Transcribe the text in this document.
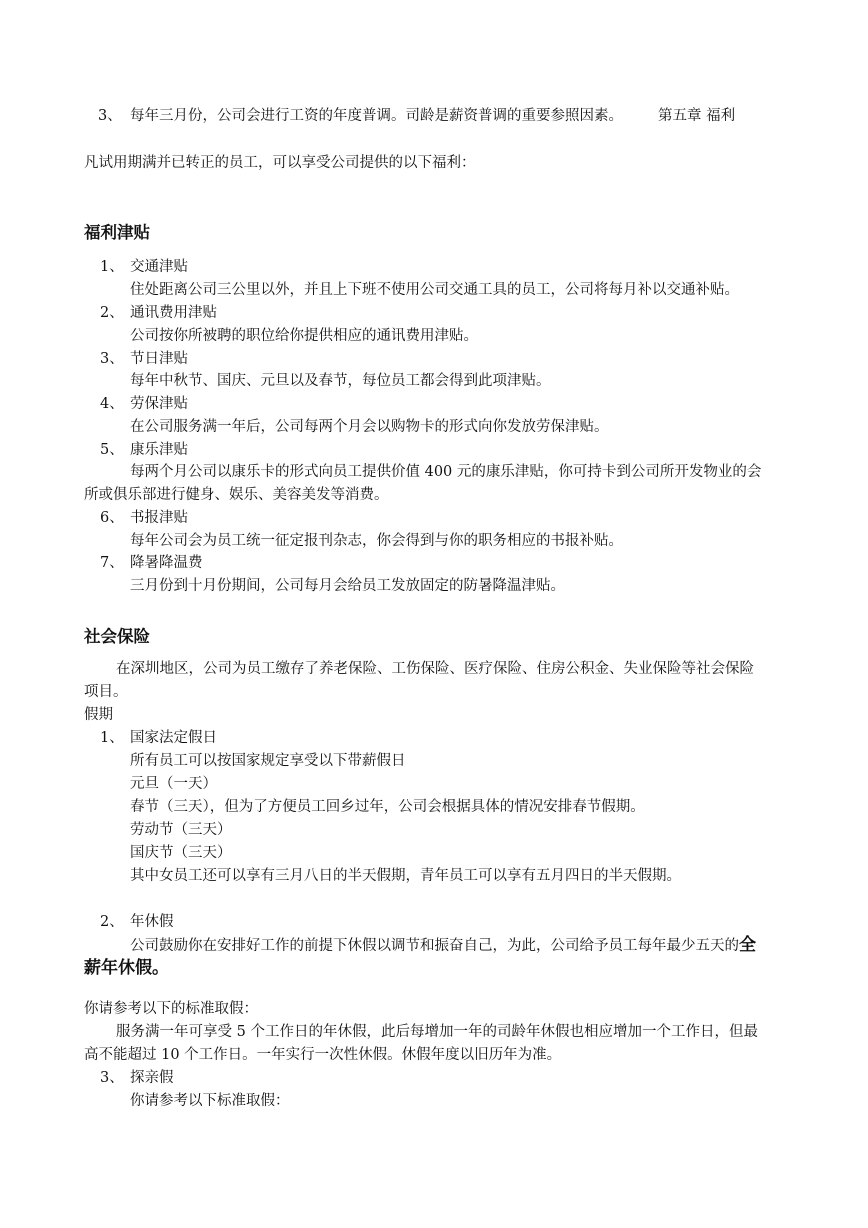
3、 每年三月份，公司会进行工资的年度普调。司龄是薪资普调的重要参照因素。 第五章 福利
凡试用期满并已转正的员工，可以享受公司提供的以下福利：
福利津贴
1、 交通津贴
住处距离公司三公里以外，并且上下班不使用公司交通工具的员工，公司将每月补以交通补贴。
2、 通讯费用津贴
公司按你所被聘的职位给你提供相应的通讯费用津贴。
3、 节日津贴
每年中秋节、国庆、元旦以及春节，每位员工都会得到此项津贴。
4、 劳保津贴
在公司服务满一年后，公司每两个月会以购物卡的形式向你发放劳保津贴。
5、 康乐津贴
每两个月公司以康乐卡的形式向员工提供价值 400 元的康乐津贴，你可持卡到公司所开发物业的会
所或俱乐部进行健身、娱乐、美容美发等消费。
6、 书报津贴
每年公司会为员工统一征定报刊杂志，你会得到与你的职务相应的书报补贴。
7、 降暑降温费
三月份到十月份期间，公司每月会给员工发放固定的防暑降温津贴。
社会保险
在深圳地区，公司为员工缴存了养老保险、工伤保险、医疗保险、住房公积金、失业保险等社会保险
项目。
假期
1、 国家法定假日
所有员工可以按国家规定享受以下带薪假日
元旦（一天）
春节（三天），但为了方便员工回乡过年，公司会根据具体的情况安排春节假期。
劳动节（三天）
国庆节（三天）
其中女员工还可以享有三月八日的半天假期，青年员工可以享有五月四日的半天假期。
2、 年休假
公司鼓励你在安排好工作的前提下休假以调节和振奋自己，为此，公司给予员工每年最少五天的全
薪年休假。
你请参考以下的标准取假：
服务满一年可享受 5 个工作日的年休假，此后每增加一年的司龄年休假也相应增加一个工作日，但最
高不能超过 10 个工作日。一年实行一次性休假。休假年度以旧历年为准。
3、 探亲假
你请参考以下标准取假：
